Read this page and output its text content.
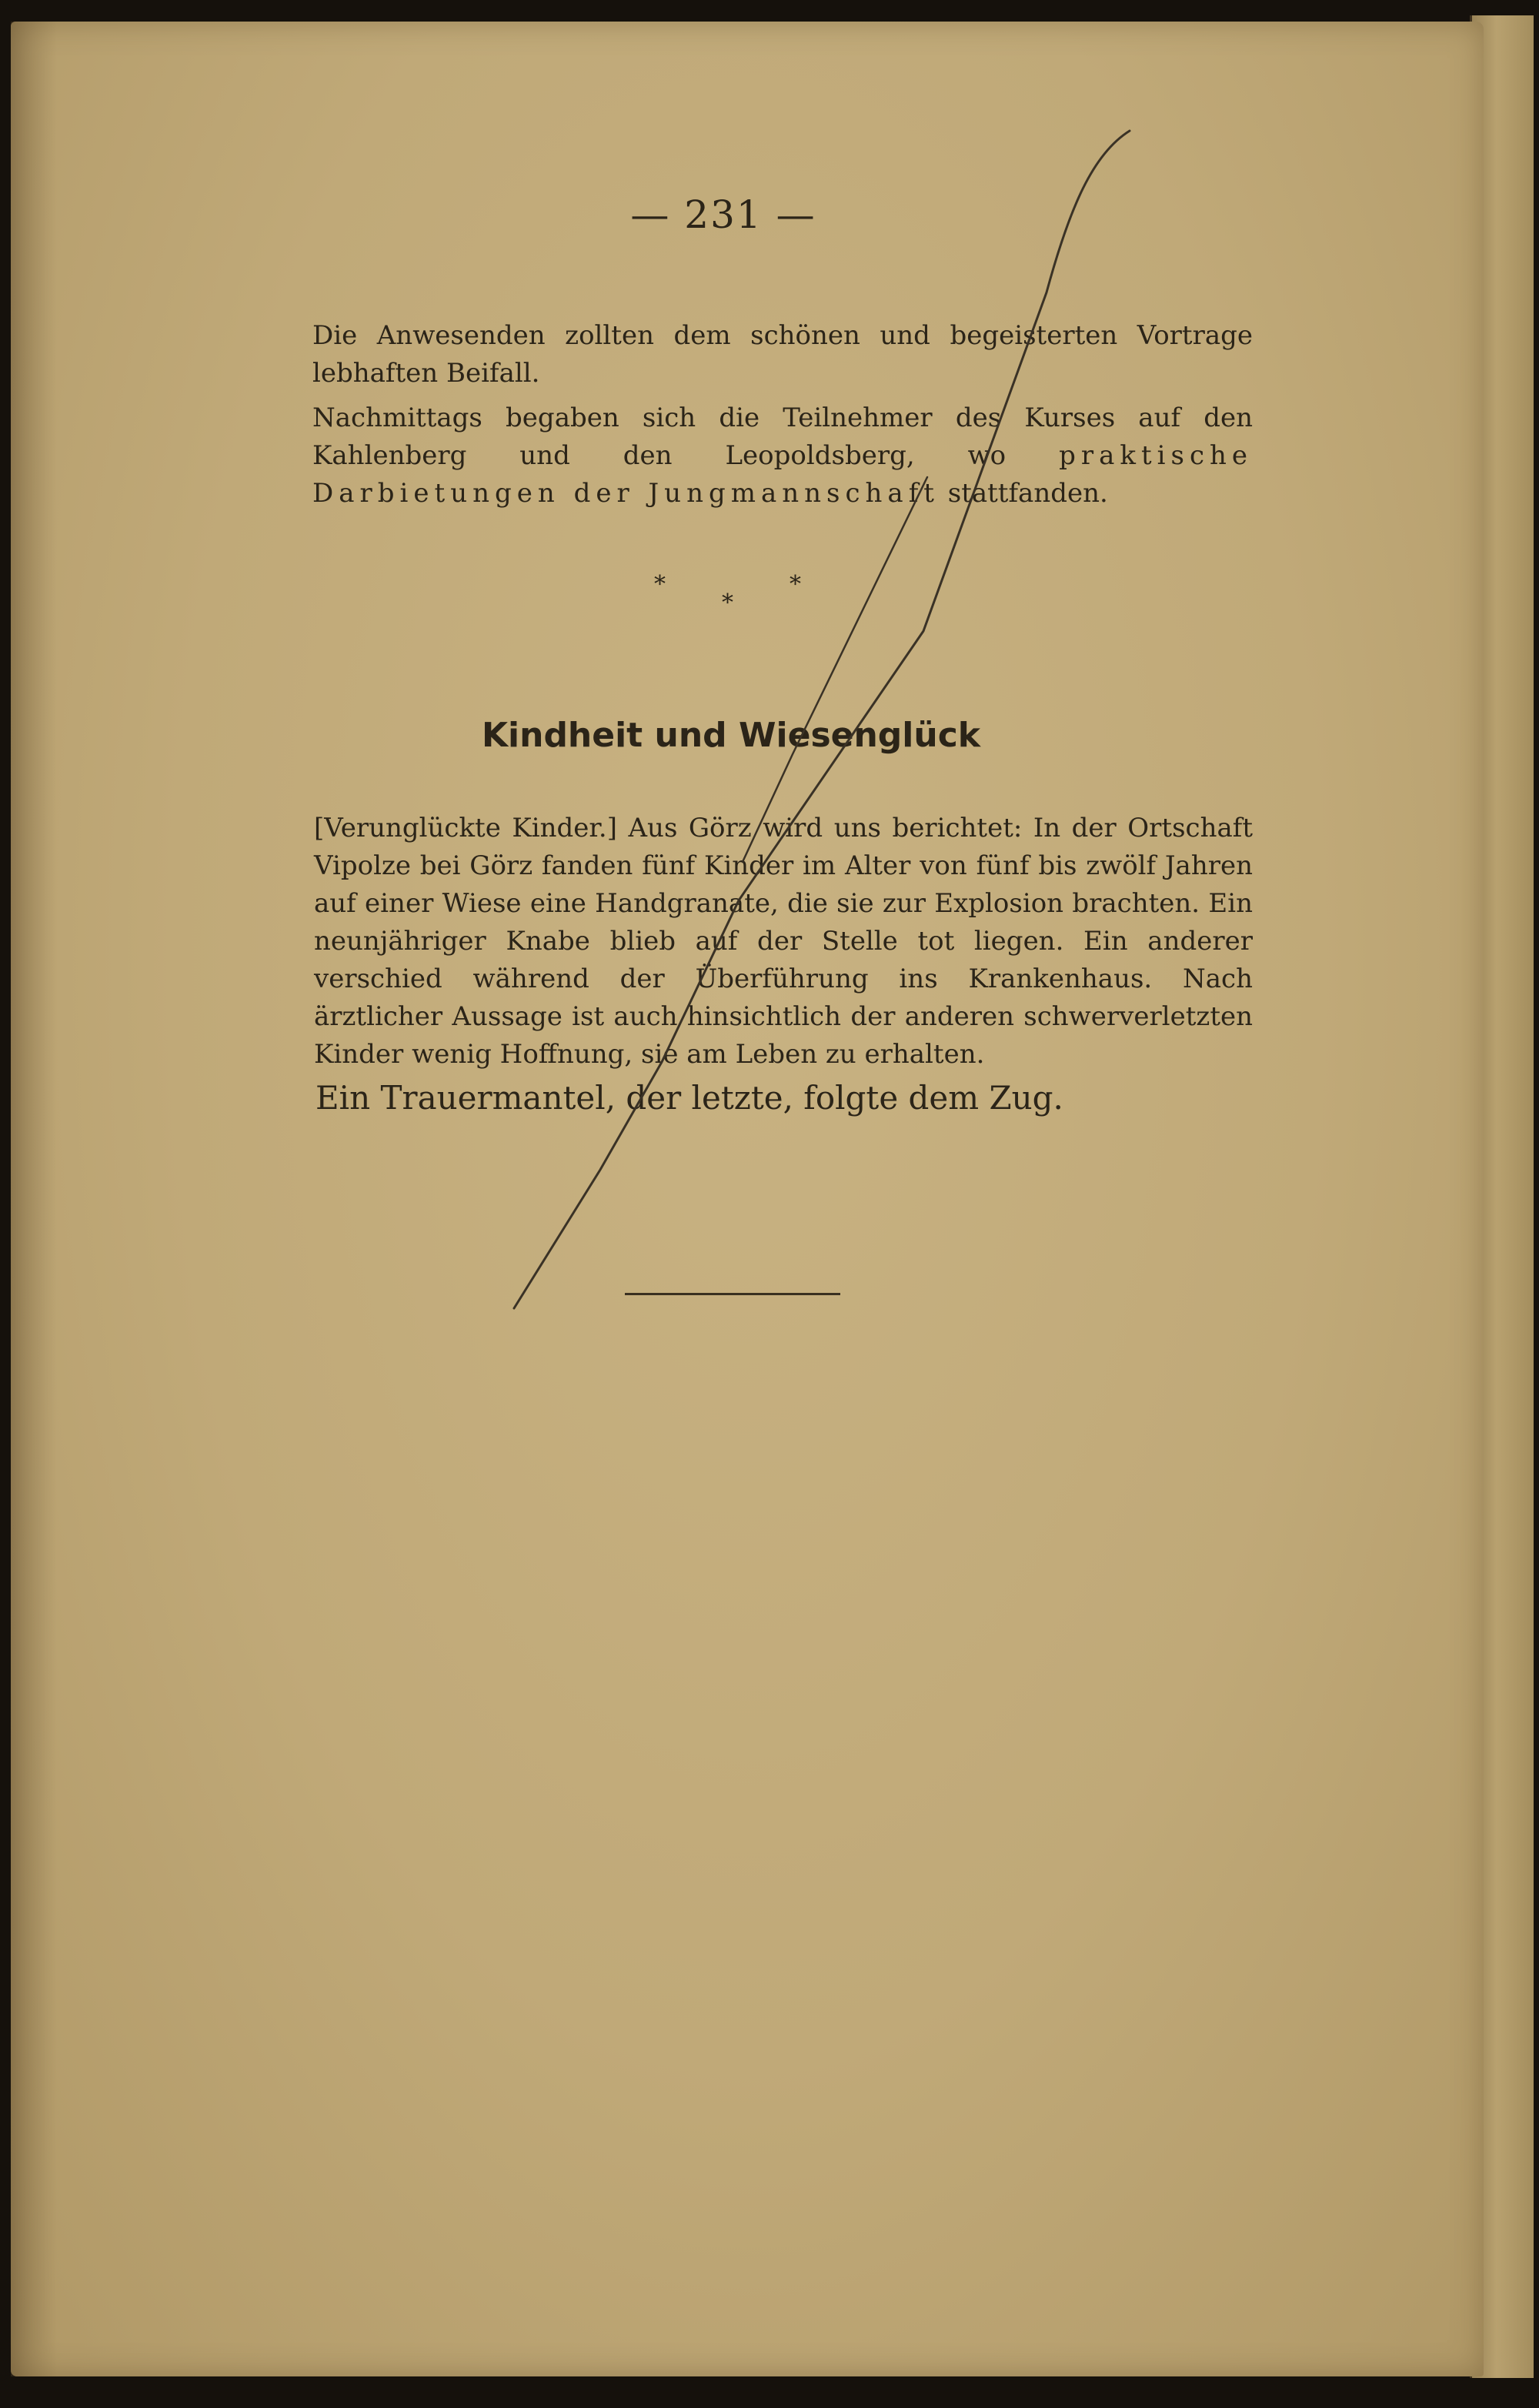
— 231 —
Die Anwesenden zollten dem schönen und begeisterten Vortrage lebhaften Beifall.
Nachmittags begaben sich die Teilnehmer des Kurses auf den Kahlenberg und den Leopoldsberg, wo praktische Darbietungen der Jungmannschaft stattfanden.
*
*
*
Kindheit und Wiesenglück
[Verunglückte Kinder.] Aus Görz wird uns berichtet: In der Ortschaft Vipolze bei Görz fanden fünf Kinder im Alter von fünf bis zwölf Jahren auf einer Wiese eine Handgranate, die sie zur Explosion brachten. Ein neunjähriger Knabe blieb auf der Stelle tot liegen. Ein anderer verschied während der Überführung ins Krankenhaus. Nach ärztlicher Aussage ist auch hinsichtlich der anderen schwerverletzten Kinder wenig Hoffnung, sie am Leben zu erhalten.
Ein Trauermantel, der letzte, folgte dem Zug.
